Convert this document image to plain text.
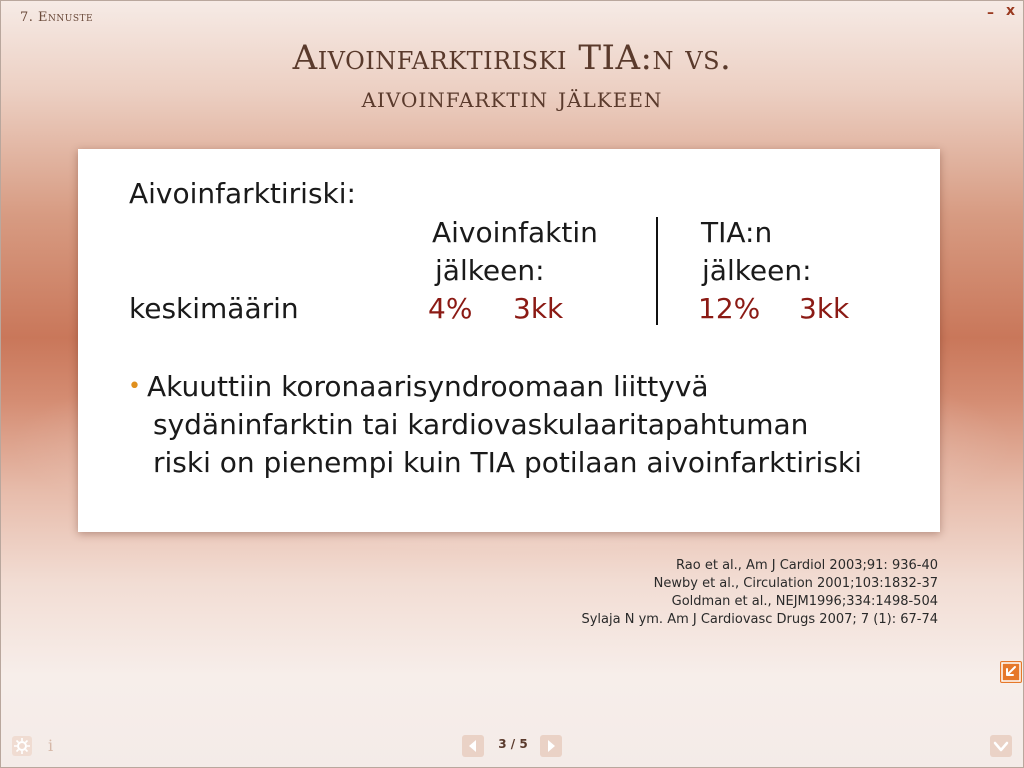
7. Ennuste	– x
Aivoinfarktiriski TIA:n vs.
aivoinfarktin jälkeen
Aivoinfarktiriski:
Aivoinfaktin
jälkeen:
TIA:n
jälkeen:
keskimäärin	4% 3kk	12% 3kk
• Akuuttiin koronaarisyndroomaan liittyvä
sydäninfarktin tai kardiovaskulaaritapahtuman
riski on pienempi kuin TIA potilaan aivoinfarktiriski
Rao et al., Am J Cardiol 2003;91: 936-40
Newby et al., Circulation 2001;103:1832-37
Goldman et al., NEJM1996;334:1498-504
Sylaja N ym. Am J Cardiovasc Drugs 2007; 7 (1): 67-74
i	3 / 5
